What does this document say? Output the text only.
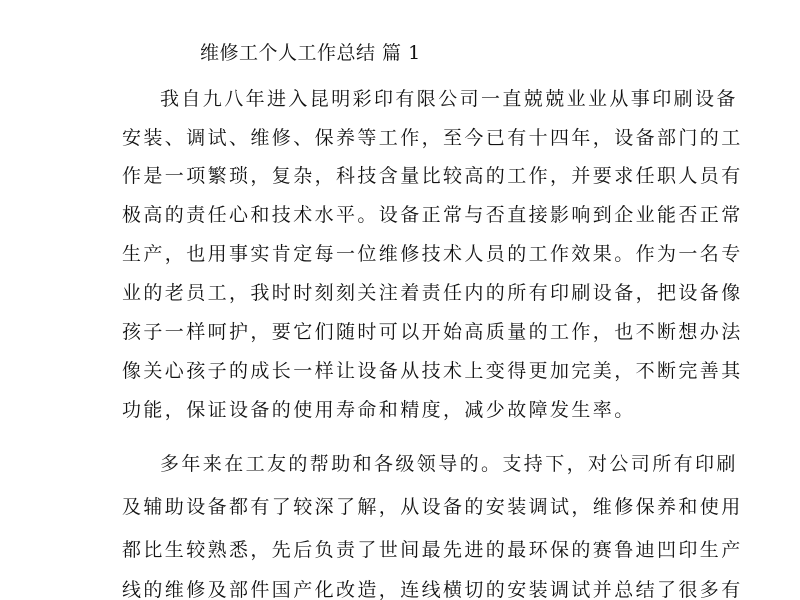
维修工个人工作总结 篇 1
我自九八年进入昆明彩印有限公司一直兢兢业业从事印刷设备
安装、调试、维修、保养等工作，至今已有十四年，设备部门的工
作是一项繁琐，复杂，科技含量比较高的工作，并要求任职人员有
极高的责任心和技术水平。设备正常与否直接影响到企业能否正常
生产，也用事实肯定每一位维修技术人员的工作效果。作为一名专
业的老员工，我时时刻刻关注着责任内的所有印刷设备，把设备像
孩子一样呵护，要它们随时可以开始高质量的工作，也不断想办法
像关心孩子的成长一样让设备从技术上变得更加完美，不断完善其
功能，保证设备的使用寿命和精度，减少故障发生率。
多年来在工友的帮助和各级领导的。支持下，对公司所有印刷
及辅助设备都有了较深了解，从设备的安装调试，维修保养和使用
都比生较熟悉，先后负责了世间最先进的最环保的赛鲁迪凹印生产
线的维修及部件国产化改造，连线横切的安装调试并总结了很多有
